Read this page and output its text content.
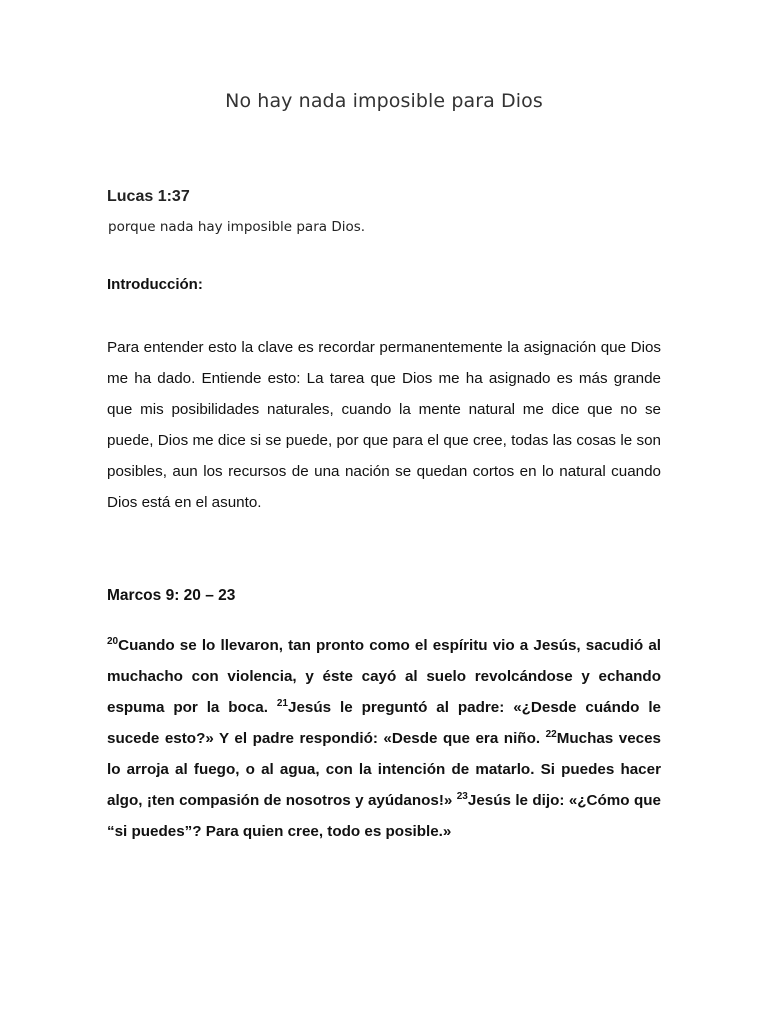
No hay nada imposible para Dios

Lucas 1:37

porque nada hay imposible para Dios.

Introducción:

Para entender esto la clave es recordar permanentemente la asignación que Dios me ha dado. Entiende esto: La tarea que Dios me ha asignado es más grande que mis posibilidades naturales, cuando la mente natural me dice que no se puede, Dios me dice si se puede, por que para el que cree, todas las cosas le son posibles, aun los recursos de una nación se quedan cortos en lo natural cuando Dios está en el asunto.

Marcos 9: 20 – 23

$^{20}$Cuando se lo llevaron, tan pronto como el espíritu vio a Jesús, sacudió al muchacho con violencia, y éste cayó al suelo revolcándose y echando espuma por la boca. $^{21}$Jesús le preguntó al padre: «¿Desde cuándo le sucede esto?» Y el padre respondió: «Desde que era niño. $^{22}$Muchas veces lo arroja al fuego, o al agua, con la intención de matarlo. Si puedes hacer algo, ¡ten compasión de nosotros y ayúdanos!» $^{23}$Jesús le dijo: «¿Cómo que “si puedes”? Para quien cree, todo es posible.»
